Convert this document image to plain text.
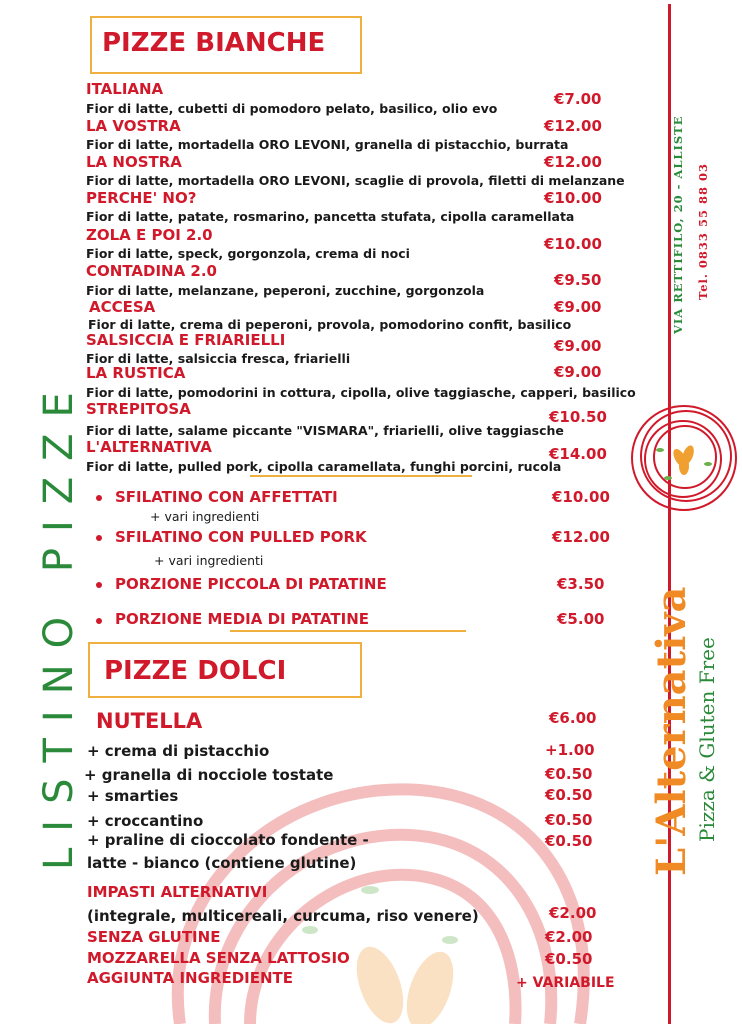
LISTINO PIZZE
VIA RETTIFILO, 20 - ALLISTE Tel. 0833 55 88 03
L'Alternativa Pizza & Gluten Free
PIZZE BIANCHE
ITALIANA
Fior di latte, cubetti di pomodoro pelato, basilico, olio evo
€7.00
LA VOSTRA
Fior di latte, mortadella ORO LEVONI, granella di pistacchio, burrata
€12.00
LA NOSTRA
Fior di latte, mortadella ORO LEVONI, scaglie di provola, filetti di melanzane
€12.00
PERCHE' NO?
Fior di latte, patate, rosmarino, pancetta stufata, cipolla caramellata
€10.00
ZOLA E POI 2.0
Fior di latte, speck, gorgonzola, crema di noci
€10.00
CONTADINA 2.0
Fior di latte, melanzane, peperoni, zucchine, gorgonzola
€9.50
ACCESA
Fior di latte, crema di peperoni, provola, pomodorino confit, basilico
€9.00
SALSICCIA E FRIARIELLI
Fior di latte, salsiccia fresca, friarielli
€9.00
LA RUSTICA
Fior di latte, pomodorini in cottura, cipolla, olive taggiasche, capperi, basilico
€9.00
STREPITOSA
Fior di latte, salame piccante "VISMARA", friarielli, olive taggiasche
€10.50
L'ALTERNATIVA
Fior di latte, pulled pork, cipolla caramellata, funghi porcini, rucola
€14.00
SFILATINO CON AFFETTATI
+ vari ingredienti
€10.00
SFILATINO CON PULLED PORK
+ vari ingredienti
€12.00
PORZIONE PICCOLA DI PATATINE	€3.50
PORZIONE MEDIA DI PATATINE	€5.00
PIZZE DOLCI
NUTELLA	€6.00
+ crema di pistacchio	+1.00
+ granella di nocciole tostate	€0.50
+ smarties	€0.50
+ croccantino	€0.50
+ praline di cioccolato fondente -
latte - bianco (contiene glutine)
€0.50
IMPASTI ALTERNATIVI
(integrale, multicereali, curcuma, riso venere)	€2.00
SENZA GLUTINE	€2.00
MOZZARELLA SENZA LATTOSIO	€0.50
AGGIUNTA INGREDIENTE	+ VARIABILE
